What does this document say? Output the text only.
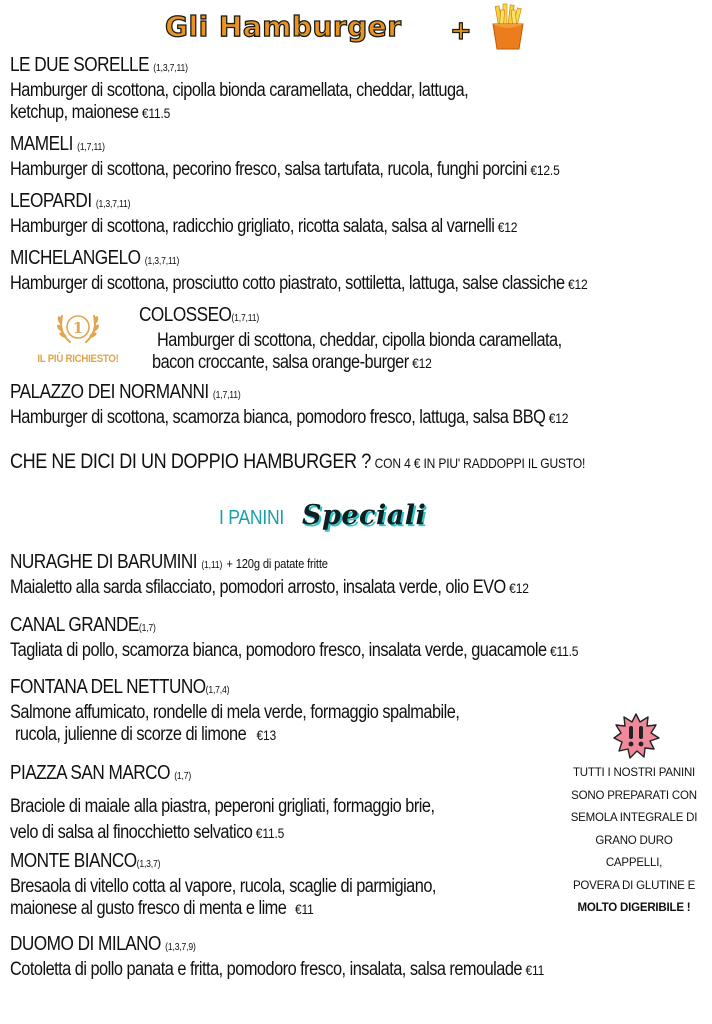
Gli Hamburger +
LE DUE SORELLE (1,3,7,11)
Hamburger di scottona, cipolla bionda caramellata, cheddar, lattuga,
ketchup, maionese €11.5
MAMELI (1,7,11)
Hamburger di scottona, pecorino fresco, salsa tartufata, rucola, funghi porcini €12.5
LEOPARDI (1,3,7,11)
Hamburger di scottona, radicchio grigliato, ricotta salata, salsa al varnelli €12
MICHELANGELO (1,3,7,11)
Hamburger di scottona, prosciutto cotto piastrato, sottiletta, lattuga, salse classiche €12
1
IL PIÙ RICHIESTO!
COLOSSEO(1,7,11)
Hamburger di scottona, cheddar, cipolla bionda caramellata,
bacon croccante, salsa orange-burger €12
PALAZZO DEI NORMANNI (1,7,11)
Hamburger di scottona, scamorza bianca, pomodoro fresco, lattuga, salsa BBQ €12
CHE NE DICI DI UN DOPPIO HAMBURGER ? CON 4 € IN PIU' RADDOPPI IL GUSTO!
I PANINI Speciali
NURAGHE DI BARUMINI (1,11) + 120g di patate fritte
Maialetto alla sarda sfilacciato, pomodori arrosto, insalata verde, olio EVO €12
CANAL GRANDE(1,7)
Tagliata di pollo, scamorza bianca, pomodoro fresco, insalata verde, guacamole €11.5
FONTANA DEL NETTUNO(1,7,4)
Salmone affumicato, rondelle di mela verde, formaggio spalmabile,
rucola, julienne di scorze di limone €13
PIAZZA SAN MARCO (1,7)
Braciole di maiale alla piastra, peperoni grigliati, formaggio brie,
velo di salsa al finocchietto selvatico €11.5
MONTE BIANCO(1,3,7)
Bresaola di vitello cotta al vapore, rucola, scaglie di parmigiano,
maionese al gusto fresco di menta e lime €11
DUOMO DI MILANO (1,3,7,9)
Cotoletta di pollo panata e fritta, pomodoro fresco, insalata, salsa remoulade €11
TUTTI I NOSTRI PANINI
SONO PREPARATI CON
SEMOLA INTEGRALE DI
GRANO DURO CAPPELLI,
POVERA DI GLUTINE E
MOLTO DIGERIBILE !
